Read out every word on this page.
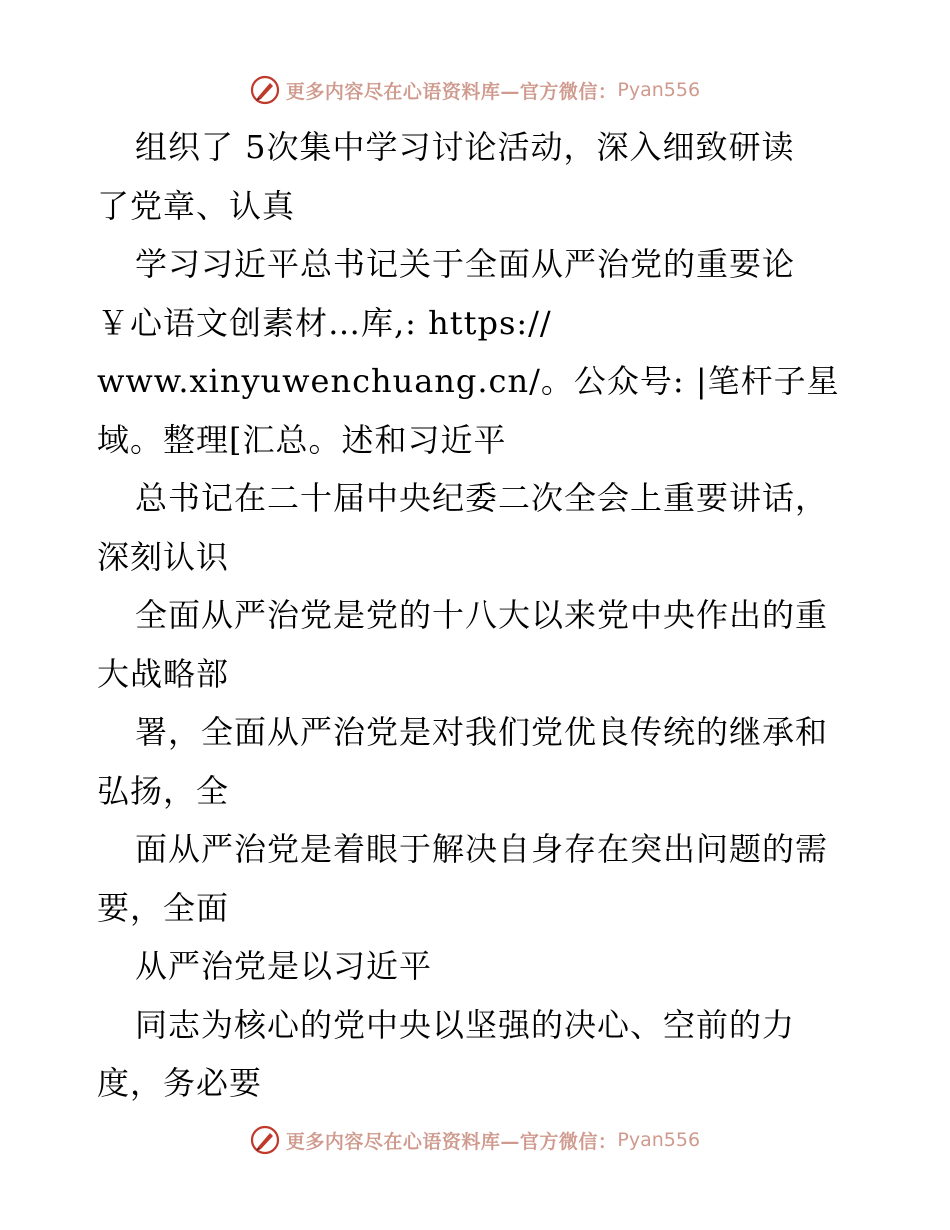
更多内容尽在心语资料库—官方微信： Pyan556
组织了 5次集中学习讨论活动，深入细致研读
了党章、认真
学习习近平总书记关于全面从严治党的重要论
￥心语文创素材…库,: https://
www.xinyuwenchuang.cn/。公众号: |笔杆子星
域。整理[汇总。述和习近平
总书记在二十届中央纪委二次全会上重要讲话，
深刻认识
全面从严治党是党的十八大以来党中央作出的重
大战略部
署，全面从严治党是对我们党优良传统的继承和
弘扬，全
面从严治党是着眼于解决自身存在突出问题的需
要，全面
从严治党是以习近平
同志为核心的党中央以坚强的决心、空前的力
度，务必要
更多内容尽在心语资料库—官方微信： Pyan556
